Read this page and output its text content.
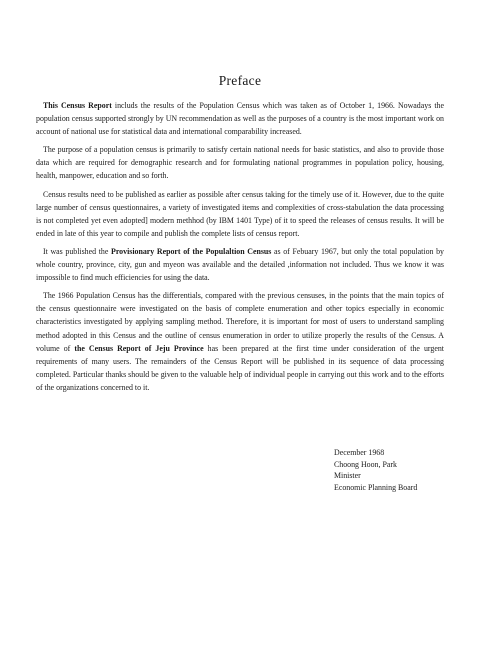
Preface

This Census Report includs the results of the Population Census which was taken as of October 1, 1966. Nowadays the population census supported strongly by UN recommendation as well as the purposes of a country is the most important work on account of national use for statistical data and international comparability increased.

The purpose of a population census is primarily to satisfy certain national needs for basic statistics, and also to provide those data which are required for demographic research and for formulating national programmes in population policy, housing, health, manpower, education and so forth.

Census results need to be published as earlier as possible after census taking for the timely use of it. However, due to the quite large number of census questionnaires, a variety of investigated items and complexities of cross-stabulation the data processing is not completed yet even adopted] modern methhod (by IBM 1401 Type) of it to speed the releases of census results. It will be ended in late of this year to compile and publish the complete lists of census report.

It was published the Provisionary Report of the Populaltion Census as of Febuary 1967, but only the total population by whole country, province, city, gun and myeon was available and the detailed ,information not included. Thus we know it was impossible to find much efficiencies for using the data.

The 1966 Population Census has the differentials, compared with the previous censuses, in the points that the main topics of the census questionnaire were investigated on the basis of complete enumeration and other topics especially in economic characteristics investigated by applying sampling method. Therefore, it is important for most of users to understand sampling method adopted in this Census and the outline of census enumeration in order to utilize properly the results of the Census. A volume of the Census Report of Jeju Province has been prepared at the first time under consideration of the urgent requirements of many users. The remainders of the Census Report will be published in its sequence of data processing completed. Particular thanks should be given to the valuable help of individual people in carrying out this work and to the efforts of the organizations concerned to it.

December 1968
Choong Hoon, Park
Minister
Economic Planning Board
